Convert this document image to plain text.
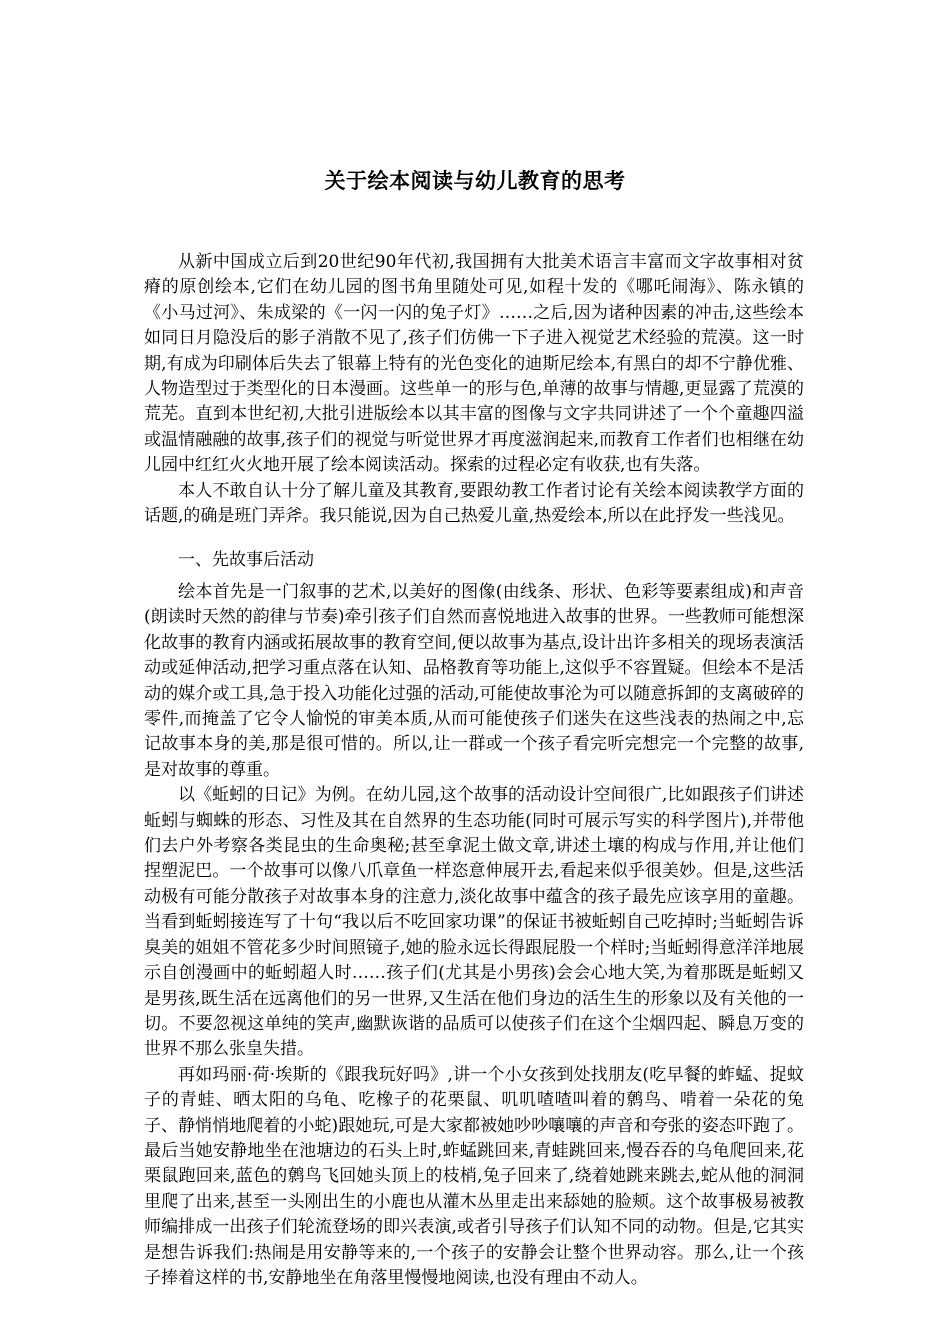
关于绘本阅读与幼儿教育的思考

从新中国成立后到20世纪90年代初,我国拥有大批美术语言丰富而文字故事相对贫瘠的原创绘本,它们在幼儿园的图书角里随处可见,如程十发的《哪吒闹海》、陈永镇的《小马过河》、朱成梁的《一闪一闪的兔子灯》……之后,因为诸种因素的冲击,这些绘本如同日月隐没后的影子消散不见了,孩子们仿佛一下子进入视觉艺术经验的荒漠。这一时期,有成为印刷体后失去了银幕上特有的光色变化的迪斯尼绘本,有黑白的却不宁静优雅、人物造型过于类型化的日本漫画。这些单一的形与色,单薄的故事与情趣,更显露了荒漠的荒芜。直到本世纪初,大批引进版绘本以其丰富的图像与文字共同讲述了一个个童趣四溢或温情融融的故事,孩子们的视觉与听觉世界才再度滋润起来,而教育工作者们也相继在幼儿园中红红火火地开展了绘本阅读活动。探索的过程必定有收获,也有失落。

本人不敢自认十分了解儿童及其教育,要跟幼教工作者讨论有关绘本阅读教学方面的话题,的确是班门弄斧。我只能说,因为自己热爱儿童,热爱绘本,所以在此抒发一些浅见。

一、先故事后活动

绘本首先是一门叙事的艺术,以美好的图像(由线条、形状、色彩等要素组成)和声音(朗读时天然的韵律与节奏)牵引孩子们自然而喜悦地进入故事的世界。一些教师可能想深化故事的教育内涵或拓展故事的教育空间,便以故事为基点,设计出许多相关的现场表演活动或延伸活动,把学习重点落在认知、品格教育等功能上,这似乎不容置疑。但绘本不是活动的媒介或工具,急于投入功能化过强的活动,可能使故事沦为可以随意拆卸的支离破碎的零件,而掩盖了它令人愉悦的审美本质,从而可能使孩子们迷失在这些浅表的热闹之中,忘记故事本身的美,那是很可惜的。所以,让一群或一个孩子看完听完想完一个完整的故事,是对故事的尊重。

以《蚯蚓的日记》为例。在幼儿园,这个故事的活动设计空间很广,比如跟孩子们讲述蚯蚓与蜘蛛的形态、习性及其在自然界的生态功能(同时可展示写实的科学图片),并带他们去户外考察各类昆虫的生命奥秘;甚至拿泥土做文章,讲述土壤的构成与作用,并让他们捏塑泥巴。一个故事可以像八爪章鱼一样恣意伸展开去,看起来似乎很美妙。但是,这些活动极有可能分散孩子对故事本身的注意力,淡化故事中蕴含的孩子最先应该享用的童趣。当看到蚯蚓接连写了十句“我以后不吃回家功课”的保证书被蚯蚓自己吃掉时;当蚯蚓告诉臭美的姐姐不管花多少时间照镜子,她的脸永远长得跟屁股一个样时;当蚯蚓得意洋洋地展示自创漫画中的蚯蚓超人时……孩子们(尤其是小男孩)会会心地大笑,为着那既是蚯蚓又是男孩,既生活在远离他们的另一世界,又生活在他们身边的活生生的形象以及有关他的一切。不要忽视这单纯的笑声,幽默诙谐的品质可以使孩子们在这个尘烟四起、瞬息万变的世界不那么张皇失措。

再如玛丽·荷·埃斯的《跟我玩好吗》,讲一个小女孩到处找朋友(吃早餐的蚱蜢、捉蚊子的青蛙、晒太阳的乌龟、吃橡子的花栗鼠、叽叽喳喳叫着的鹩鸟、啃着一朵花的兔子、静悄悄地爬着的小蛇)跟她玩,可是大家都被她吵吵嚷嚷的声音和夸张的姿态吓跑了。最后当她安静地坐在池塘边的石头上时,蚱蜢跳回来,青蛙跳回来,慢吞吞的乌龟爬回来,花栗鼠跑回来,蓝色的鹩鸟飞回她头顶上的枝梢,兔子回来了,绕着她跳来跳去,蛇从他的洞洞里爬了出来,甚至一头刚出生的小鹿也从灌木丛里走出来舔她的脸颊。这个故事极易被教师编排成一出孩子们轮流登场的即兴表演,或者引导孩子们认知不同的动物。但是,它其实是想告诉我们:热闹是用安静等来的,一个孩子的安静会让整个世界动容。那么,让一个孩子捧着这样的书,安静地坐在角落里慢慢地阅读,也没有理由不动人。
